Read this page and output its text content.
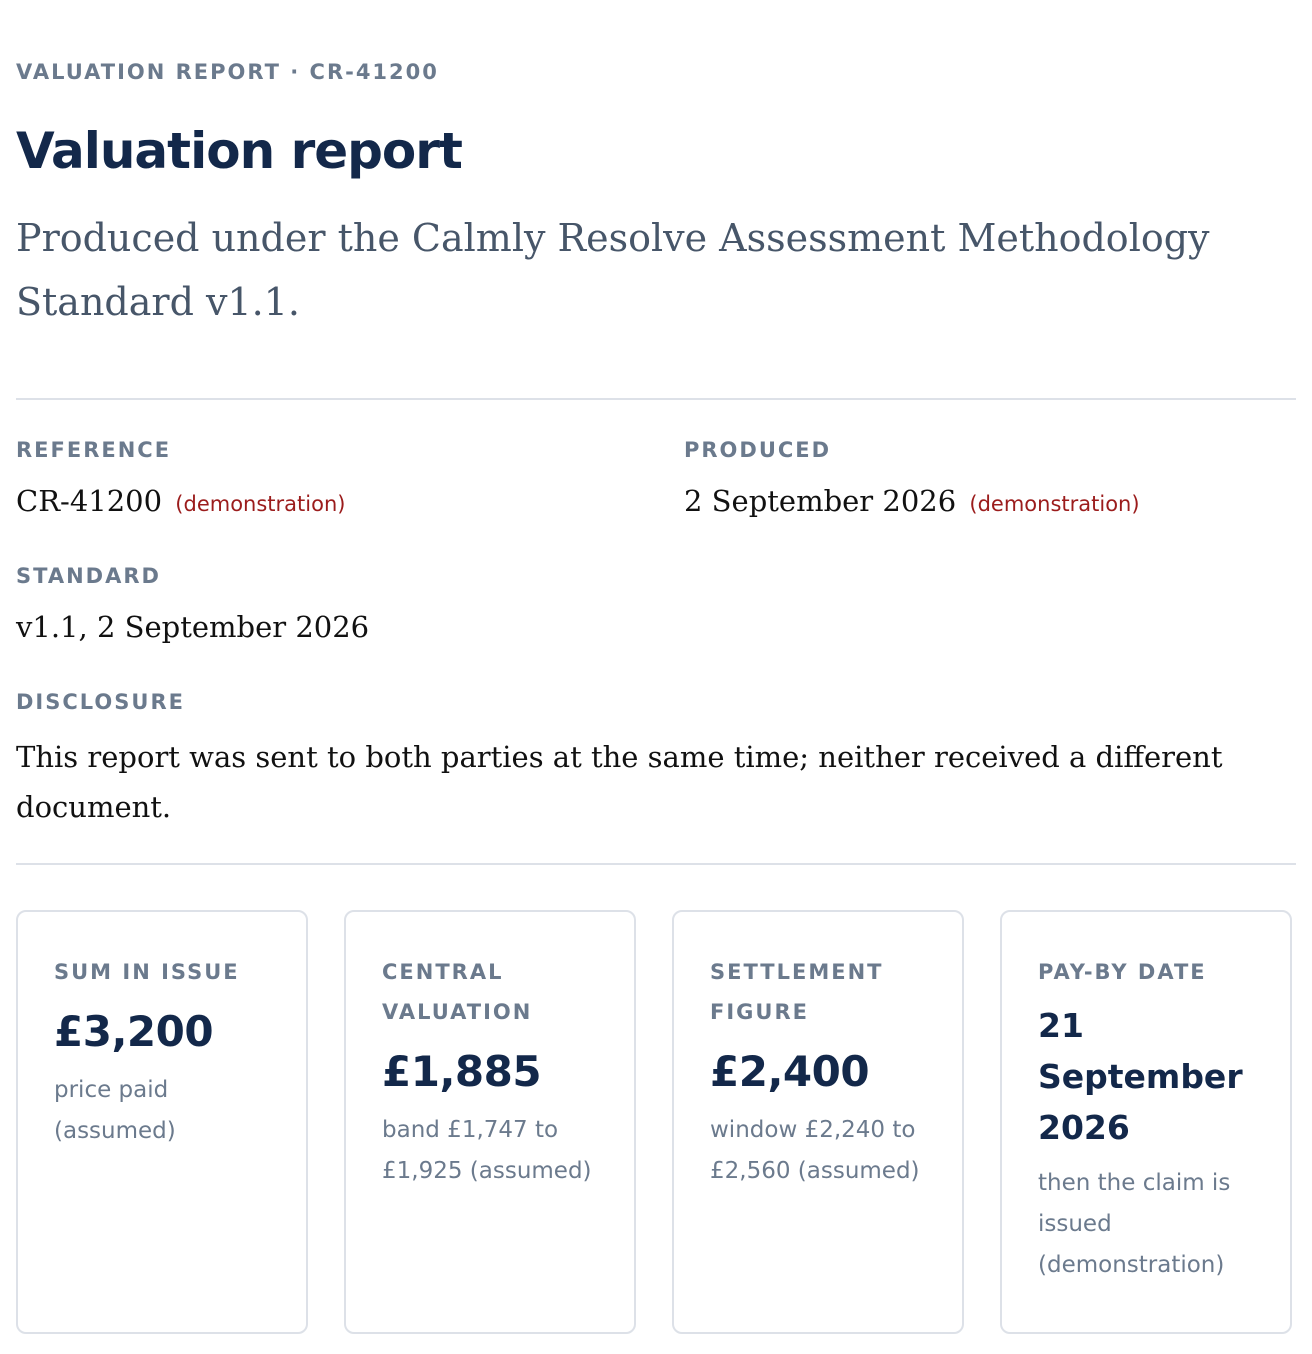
VALUATION REPORT · CR-41200
Valuation report

Produced under the Calmly Resolve Assessment Methodology Standard v1.1.

REFERENCE
CR-41200 (demonstration)
PRODUCED
2 September 2026 (demonstration)
STANDARD
v1.1, 2 September 2026
DISCLOSURE

This report was sent to both parties at the same time; neither received a different document.

SUM IN ISSUE
£3,200
price paid (assumed)
CENTRAL VALUATION
£1,885
band £1,747 to £1,925 (assumed)
SETTLEMENT FIGURE
£2,400
window £2,240 to £2,560 (assumed)
PAY-BY DATE
21 September 2026
then the claim is issued (demonstration)
